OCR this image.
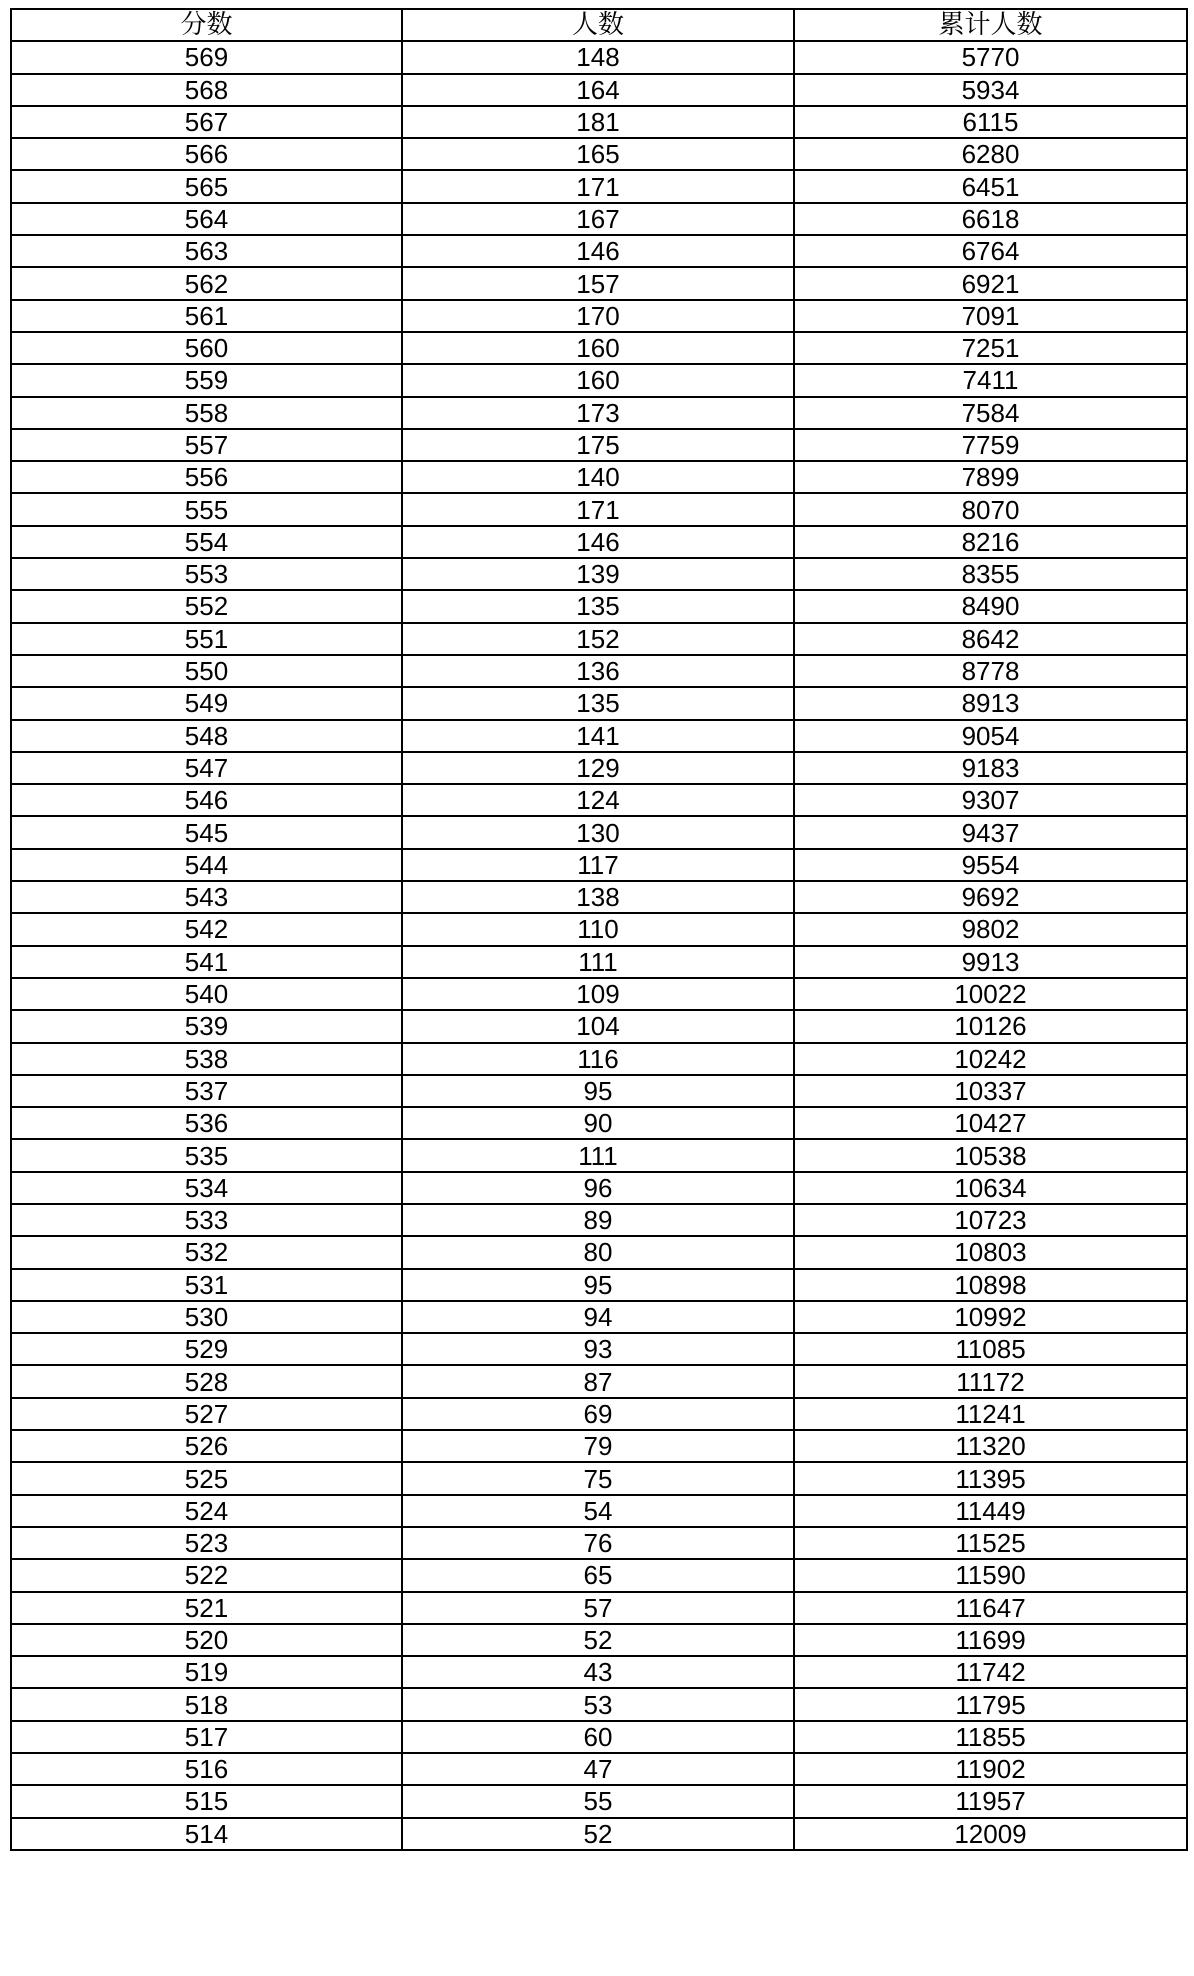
分数	人数	累计人数
569	148	5770
568	164	5934
567	181	6115
566	165	6280
565	171	6451
564	167	6618
563	146	6764
562	157	6921
561	170	7091
560	160	7251
559	160	7411
558	173	7584
557	175	7759
556	140	7899
555	171	8070
554	146	8216
553	139	8355
552	135	8490
551	152	8642
550	136	8778
549	135	8913
548	141	9054
547	129	9183
546	124	9307
545	130	9437
544	117	9554
543	138	9692
542	110	9802
541	111	9913
540	109	10022
539	104	10126
538	116	10242
537	95	10337
536	90	10427
535	111	10538
534	96	10634
533	89	10723
532	80	10803
531	95	10898
530	94	10992
529	93	11085
528	87	11172
527	69	11241
526	79	11320
525	75	11395
524	54	11449
523	76	11525
522	65	11590
521	57	11647
520	52	11699
519	43	11742
518	53	11795
517	60	11855
516	47	11902
515	55	11957
514	52	12009
